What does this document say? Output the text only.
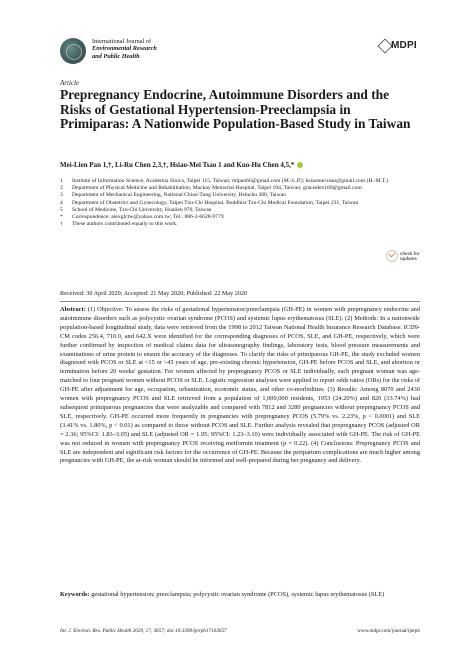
International Journal of
Environmental Research
and Public Health
MDPI
Article
Prepregnancy Endocrine, Autoimmune Disorders and the Risks of Gestational Hypertension-Preeclampsia in Primiparas: A Nationwide Population-Based Study in Taiwan
Mei-Lien Pan 1,†, Li-Ru Chen 2,3,†, Hsiao-Mei Tsao 1 and Kuo-Hu Chen 4,5,*
1	Institute of Information Science, Academia Sinica, Taipei 115, Taiwan; mlpan66@gmail.com (M.-L.P.); hsiaomei.tsao@gmail.com (H.-M.T.)
2	Department of Physical Medicine and Rehabilitation, Mackay Memorial Hospital, Taipei 104, Taiwan; gracealex168@gmail.com
3	Department of Mechanical Engineering, National Chiao-Tung University, Hsinchu 300, Taiwan
4	Department of Obstetrics and Gynecology, Taipei Tzu-Chi Hospital, Buddhist Tzu-Chi Medical Foundation, Taipei 231, Taiwan
5	School of Medicine, Tzu-Chi University, Hualien 970, Taiwan
*	Correspondence: alexgfctw@yahoo.com.tw; Tel.: 886-2-6628-9779
†	These authors contributed equally to this work.
check for
updates
Received: 30 April 2020; Accepted: 21 May 2020; Published: 22 May 2020
Abstract: (1) Objective: To assess the risks of gestational hypertension/preeclampsia (GH-PE) in women with prepregnancy endocrine and autoimmune disorders such as polycystic ovarian syndrome (PCOS) and systemic lupus erythematosus (SLE). (2) Methods: In a nationwide population-based longitudinal study, data were retrieved from the 1998 to 2012 Taiwan National Health Insurance Research Database. ICD9-CM codes 256.4, 710.0, and 642.X were identified for the corresponding diagnoses of PCOS, SLE, and GH-PE, respectively, which were further confirmed by inspection of medical claims data for ultrasonography findings, laboratory tests, blood pressure measurements and examinations of urine protein to ensure the accuracy of the diagnoses. To clarify the risks of primiparous GH-PE, the study excluded women diagnosed with PCOS or SLE at <15 or >45 years of age, pre-existing chronic hypertension, GH-PE before PCOS and SLE, and abortion or termination before 20 weeks' gestation. For women affected by prepregnancy PCOS or SLE individually, each pregnant woman was age-matched to four pregnant women without PCOS or SLE. Logistic regression analyses were applied to report odds ratios (ORs) for the risks of GH-PE after adjustment for age, occupation, urbanization, economic status, and other co-morbidities. (3) Results: Among 8070 and 2430 women with prepregnancy PCOS and SLE retrieved from a population of 1,000,000 residents, 1953 (24.20%) and 820 (33.74%) had subsequent primiparous pregnancies that were analyzable and compared with 7812 and 3280 pregnancies without prepregnancy PCOS and SLE, respectively. GH-PE occurred more frequently in pregnancies with prepregnancy PCOS (5.79% vs. 2.23%, p < 0.0001) and SLE (3.41% vs. 1.80%, p < 0.01) as compared to those without PCOS and SLE. Further analysis revealed that prepregnancy PCOS (adjusted OR = 2.36; 95%CI: 1.83–3.05) and SLE (adjusted OR = 1.95; 95%CI: 1.23–3.10) were individually associated with GH-PE. The risk of GH-PE was not reduced in women with prepregnancy PCOS receiving metformin treatment (p = 0.22). (4) Conclusions: Prepregnancy PCOS and SLE are independent and significant risk factors for the occurrence of GH-PE. Because the peripartum complications are much higher among pregnancies with GH-PE, the at-risk woman should be informed and well-prepared during her pregnancy and delivery.
Keywords: gestational hypertension; preeclampsia; polycystic ovarian syndrome (PCOS), systemic lupus erythematosus (SLE)
Int. J. Environ. Res. Public Health 2020, 17, 3657; doi:10.3390/ijerph17103657	www.mdpi.com/journal/ijerph
